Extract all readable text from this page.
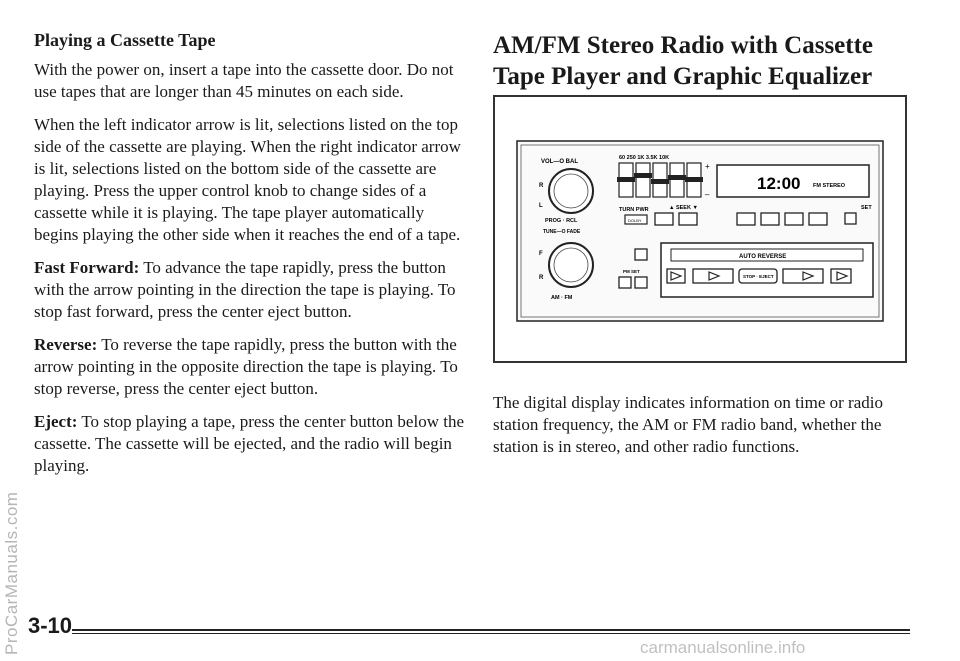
Playing a Cassette Tape

With the power on, insert a tape into the cassette door. Do not use tapes that are longer than 45 minutes on each side.

When the left indicator arrow is lit, selections listed on the top side of the cassette are playing. When the right indicator arrow is lit, selections listed on the bottom side of the cassette are playing. Press the upper control knob to change sides of a cassette while it is playing. The tape player automatically begins playing the other side when it reaches the end of a tape.

Fast Forward: To advance the tape rapidly, press the button with the arrow pointing in the direction the tape is playing. To stop fast forward, press the center eject button.

Reverse: To reverse the tape rapidly, press the button with the arrow pointing in the opposite direction the tape is playing. To stop reverse, press the center eject button.

Eject: To stop playing a tape, press the center button below the cassette. The cassette will be ejected, and the radio will begin playing.

AM/FM Stereo Radio with Cassette Tape Player and Graphic Equalizer
VOL—O BAL
R
L
60 250 1K 3.5K 10K
+
–
12:00 FM STEREO
TURN PWR	▲ SEEK ▼	SET
PROG · RCL
TUNE—O FADE
DOLBY
F
R
AM · FM
PM SET
AUTO REVERSE
STOP · EJECT

The digital display indicates information on time or radio station frequency, the AM or FM radio band, whether the station is in stereo, and other radio functions.

3-10
ProCarManuals.com	carmanualsonline.info
